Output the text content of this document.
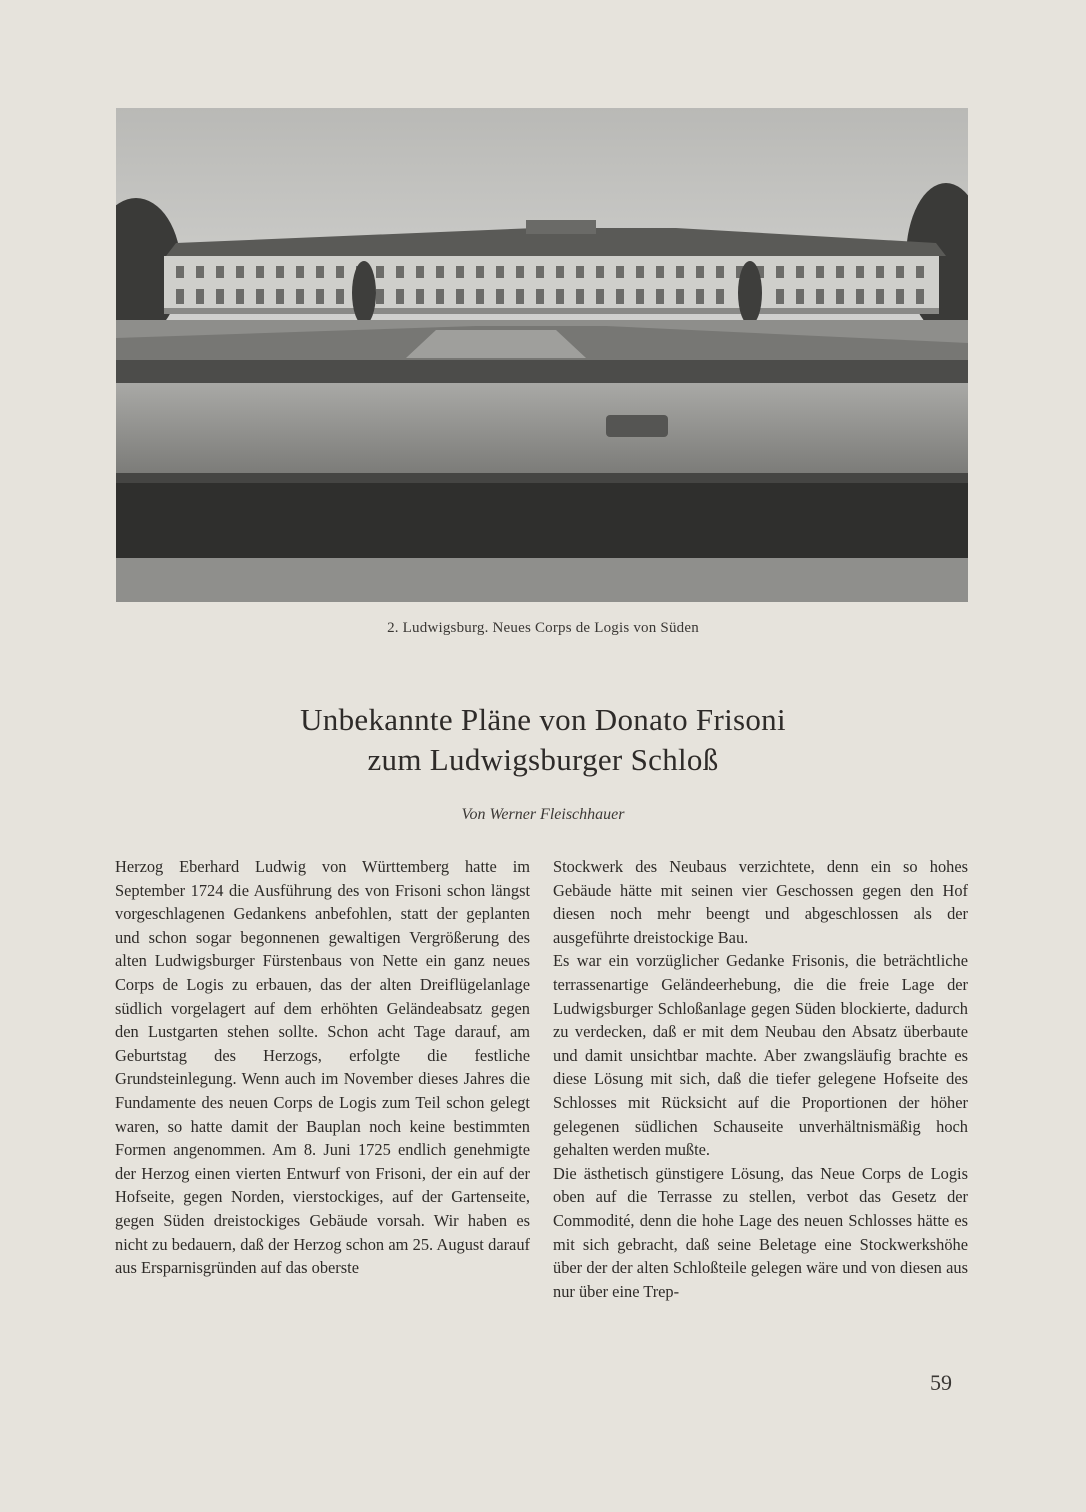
2. Ludwigsburg. Neues Corps de Logis von Süden
Unbekannte Pläne von Donato Frisoni
zum Ludwigsburger Schloß
Von Werner Fleischhauer

Herzog Eberhard Ludwig von Württemberg hatte im September 1724 die Ausführung des von Frisoni schon längst vorgeschlagenen Gedankens anbefohlen, statt der geplanten und schon sogar begonnenen gewaltigen Vergrößerung des alten Ludwigsburger Fürstenbaus von Nette ein ganz neues Corps de Logis zu erbauen, das der alten Dreiflügelanlage südlich vorgelagert auf dem erhöhten Geländeabsatz gegen den Lustgarten stehen sollte. Schon acht Tage darauf, am Geburtstag des Herzogs, erfolgte die festliche Grundsteinlegung. Wenn auch im November dieses Jahres die Fundamente des neuen Corps de Logis zum Teil schon gelegt waren, so hatte damit der Bauplan noch keine bestimmten Formen angenommen. Am 8. Juni 1725 endlich genehmigte der Herzog einen vierten Entwurf von Frisoni, der ein auf der Hofseite, gegen Norden, vierstockiges, auf der Gartenseite, gegen Süden dreistockiges Gebäude vorsah. Wir haben es nicht zu bedauern, daß der Herzog schon am 25. August darauf aus Ersparnisgründen auf das oberste

Stockwerk des Neubaus verzichtete, denn ein so hohes Gebäude hätte mit seinen vier Geschossen gegen den Hof diesen noch mehr beengt und abgeschlossen als der ausgeführte dreistockige Bau.

Es war ein vorzüglicher Gedanke Frisonis, die beträchtliche terrassenartige Geländeerhebung, die die freie Lage der Ludwigsburger Schloßanlage gegen Süden blockierte, dadurch zu verdecken, daß er mit dem Neubau den Absatz überbaute und damit unsichtbar machte. Aber zwangsläufig brachte es diese Lösung mit sich, daß die tiefer gelegene Hofseite des Schlosses mit Rücksicht auf die Proportionen der höher gelegenen südlichen Schauseite unverhältnismäßig hoch gehalten werden mußte.

Die ästhetisch günstigere Lösung, das Neue Corps de Logis oben auf die Terrasse zu stellen, verbot das Gesetz der Commodité, denn die hohe Lage des neuen Schlosses hätte es mit sich gebracht, daß seine Beletage eine Stockwerkshöhe über der der alten Schloßteile gelegen wäre und von diesen aus nur über eine Trep-

59
